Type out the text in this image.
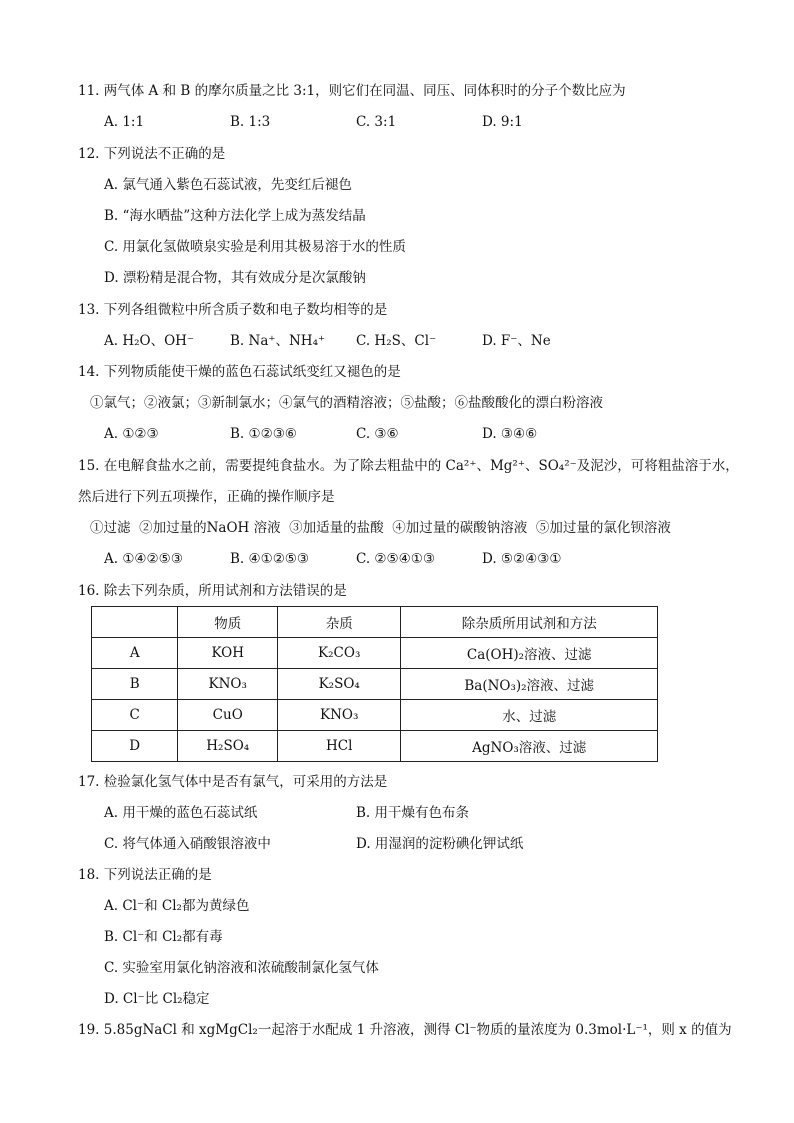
11. 两气体 A 和 B 的摩尔质量之比 3:1，则它们在同温、同压、同体积时的分子个数比应为
A. 1:1	B. 1:3	C. 3:1	D. 9:1
12. 下列说法不正确的是
A. 氯气通入紫色石蕊试液，先变红后褪色
B. “海水晒盐”这种方法化学上成为蒸发结晶
C. 用氯化氢做喷泉实验是利用其极易溶于水的性质
D. 漂粉精是混合物，其有效成分是次氯酸钠
13. 下列各组微粒中所含质子数和电子数均相等的是
A. H₂O、OH⁻	B. Na⁺、NH₄⁺ C. H₂S、Cl⁻	D. F⁻、Ne
14. 下列物质能使干燥的蓝色石蕊试纸变红又褪色的是
①氯气；②液氯；③新制氯水；④氯气的酒精溶液；⑤盐酸；⑥盐酸酸化的漂白粉溶液
A. ①②③	B. ①②③⑥	C. ③⑥	D. ③④⑥
15. 在电解食盐水之前，需要提纯食盐水。为了除去粗盐中的 Ca²⁺、Mg²⁺、SO₄²⁻及泥沙，可将粗盐溶于水，
然后进行下列五项操作，正确的操作顺序是
①过滤  ②加过量的NaOH 溶液  ③加适量的盐酸  ④加过量的碳酸钠溶液  ⑤加过量的氯化钡溶液
A. ①④②⑤③	B. ④①②⑤③	C. ②⑤④①③	D. ⑤②④③①
16. 除去下列杂质，所用试剂和方法错误的是
	物质	杂质	除杂质所用试剂和方法
A	KOH	K₂CO₃	Ca(OH)₂溶液、过滤
B	KNO₃	K₂SO₄	Ba(NO₃)₂溶液、过滤
C	CuO	KNO₃	水、过滤
D	H₂SO₄	HCl	AgNO₃溶液、过滤
17. 检验氯化氢气体中是否有氯气，可采用的方法是
A. 用干燥的蓝色石蕊试纸	B. 用干燥有色布条
C. 将气体通入硝酸银溶液中	D. 用湿润的淀粉碘化钾试纸
18. 下列说法正确的是
A. Cl⁻和 Cl₂都为黄绿色
B. Cl⁻和 Cl₂都有毒
C. 实验室用氯化钠溶液和浓硫酸制氯化氢气体
D. Cl⁻比 Cl₂稳定
19. 5.85gNaCl 和 xgMgCl₂一起溶于水配成 1 升溶液，测得 Cl⁻物质的量浓度为 0.3mol·L⁻¹，则 x 的值为
